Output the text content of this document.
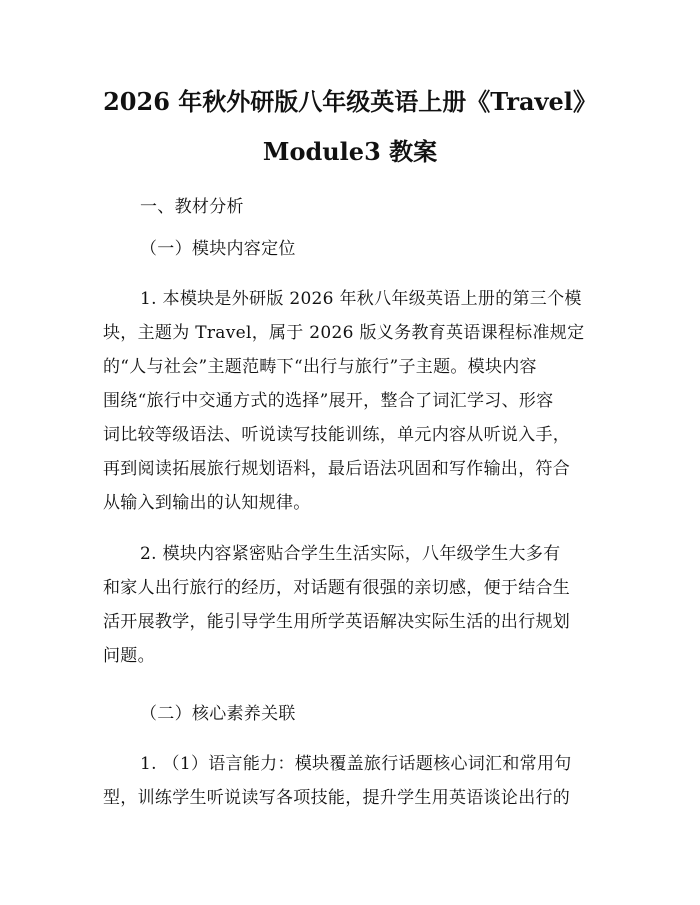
2026 年秋外研版八年级英语上册《Travel》
Module3 教案
一、教材分析
（一）模块内容定位
1. 本模块是外研版 2026 年秋八年级英语上册的第三个模
块，主题为 Travel，属于 2026 版义务教育英语课程标准规定
的“人与社会”主题范畴下“出行与旅行”子主题。模块内容
围绕“旅行中交通方式的选择”展开，整合了词汇学习、形容
词比较等级语法、听说读写技能训练，单元内容从听说入手，
再到阅读拓展旅行规划语料，最后语法巩固和写作输出，符合
从输入到输出的认知规律。
2. 模块内容紧密贴合学生生活实际，八年级学生大多有
和家人出行旅行的经历，对话题有很强的亲切感，便于结合生
活开展教学，能引导学生用所学英语解决实际生活的出行规划
问题。
（二）核心素养关联
1. （1）语言能力：模块覆盖旅行话题核心词汇和常用句
型，训练学生听说读写各项技能，提升学生用英语谈论出行的
